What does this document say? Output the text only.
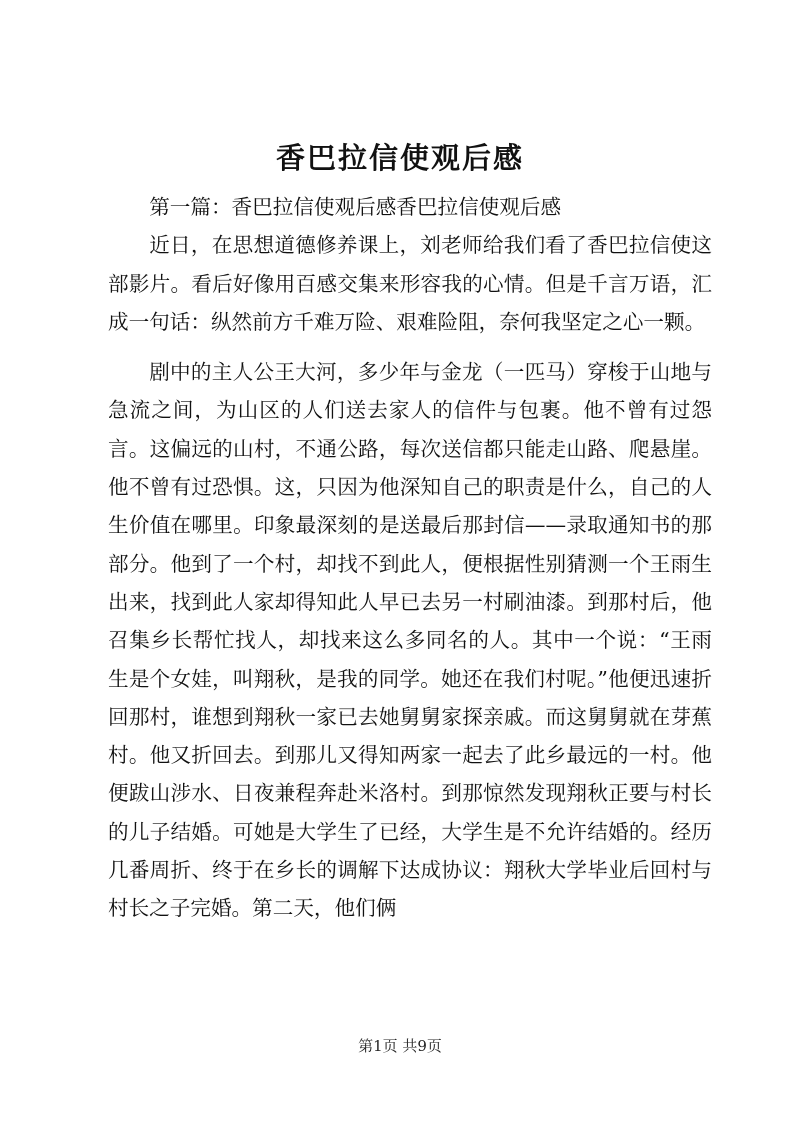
香巴拉信使观后感

第一篇：香巴拉信使观后感香巴拉信使观后感

近日，在思想道德修养课上，刘老师给我们看了香巴拉信使这部影片。看后好像用百感交集来形容我的心情。但是千言万语，汇成一句话：纵然前方千难万险、艰难险阻，奈何我坚定之心一颗。

剧中的主人公王大河，多少年与金龙（一匹马）穿梭于山地与急流之间，为山区的人们送去家人的信件与包裹。他不曾有过怨言。这偏远的山村，不通公路，每次送信都只能走山路、爬悬崖。他不曾有过恐惧。这，只因为他深知自己的职责是什么，自己的人生价值在哪里。印象最深刻的是送最后那封信——录取通知书的那部分。他到了一个村，却找不到此人，便根据性别猜测一个王雨生出来，找到此人家却得知此人早已去另一村刷油漆。到那村后，他召集乡长帮忙找人，却找来这么多同名的人。其中一个说：“王雨生是个女娃，叫翔秋，是我的同学。她还在我们村呢。”他便迅速折回那村，谁想到翔秋一家已去她舅舅家探亲戚。而这舅舅就在芽蕉村。他又折回去。到那儿又得知两家一起去了此乡最远的一村。他便跋山涉水、日夜兼程奔赴米洛村。到那惊然发现翔秋正要与村长的儿子结婚。可她是大学生了已经，大学生是不允许结婚的。经历几番周折、终于在乡长的调解下达成协议：翔秋大学毕业后回村与村长之子完婚。第二天，他们俩

第1页 共9页
